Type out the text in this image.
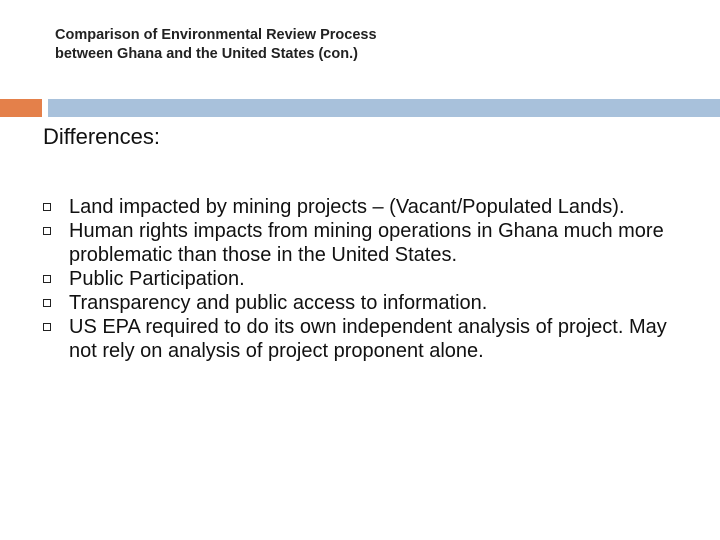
Comparison of Environmental Review Process
between Ghana and the United States (con.)
Differences:
Land impacted by mining projects – (Vacant/Populated Lands).
Human rights impacts from mining operations in Ghana much more problematic than those in the United States.
Public Participation.
Transparency and public access to information.
US EPA required to do its own independent analysis of project. May not rely on analysis of project proponent alone.
